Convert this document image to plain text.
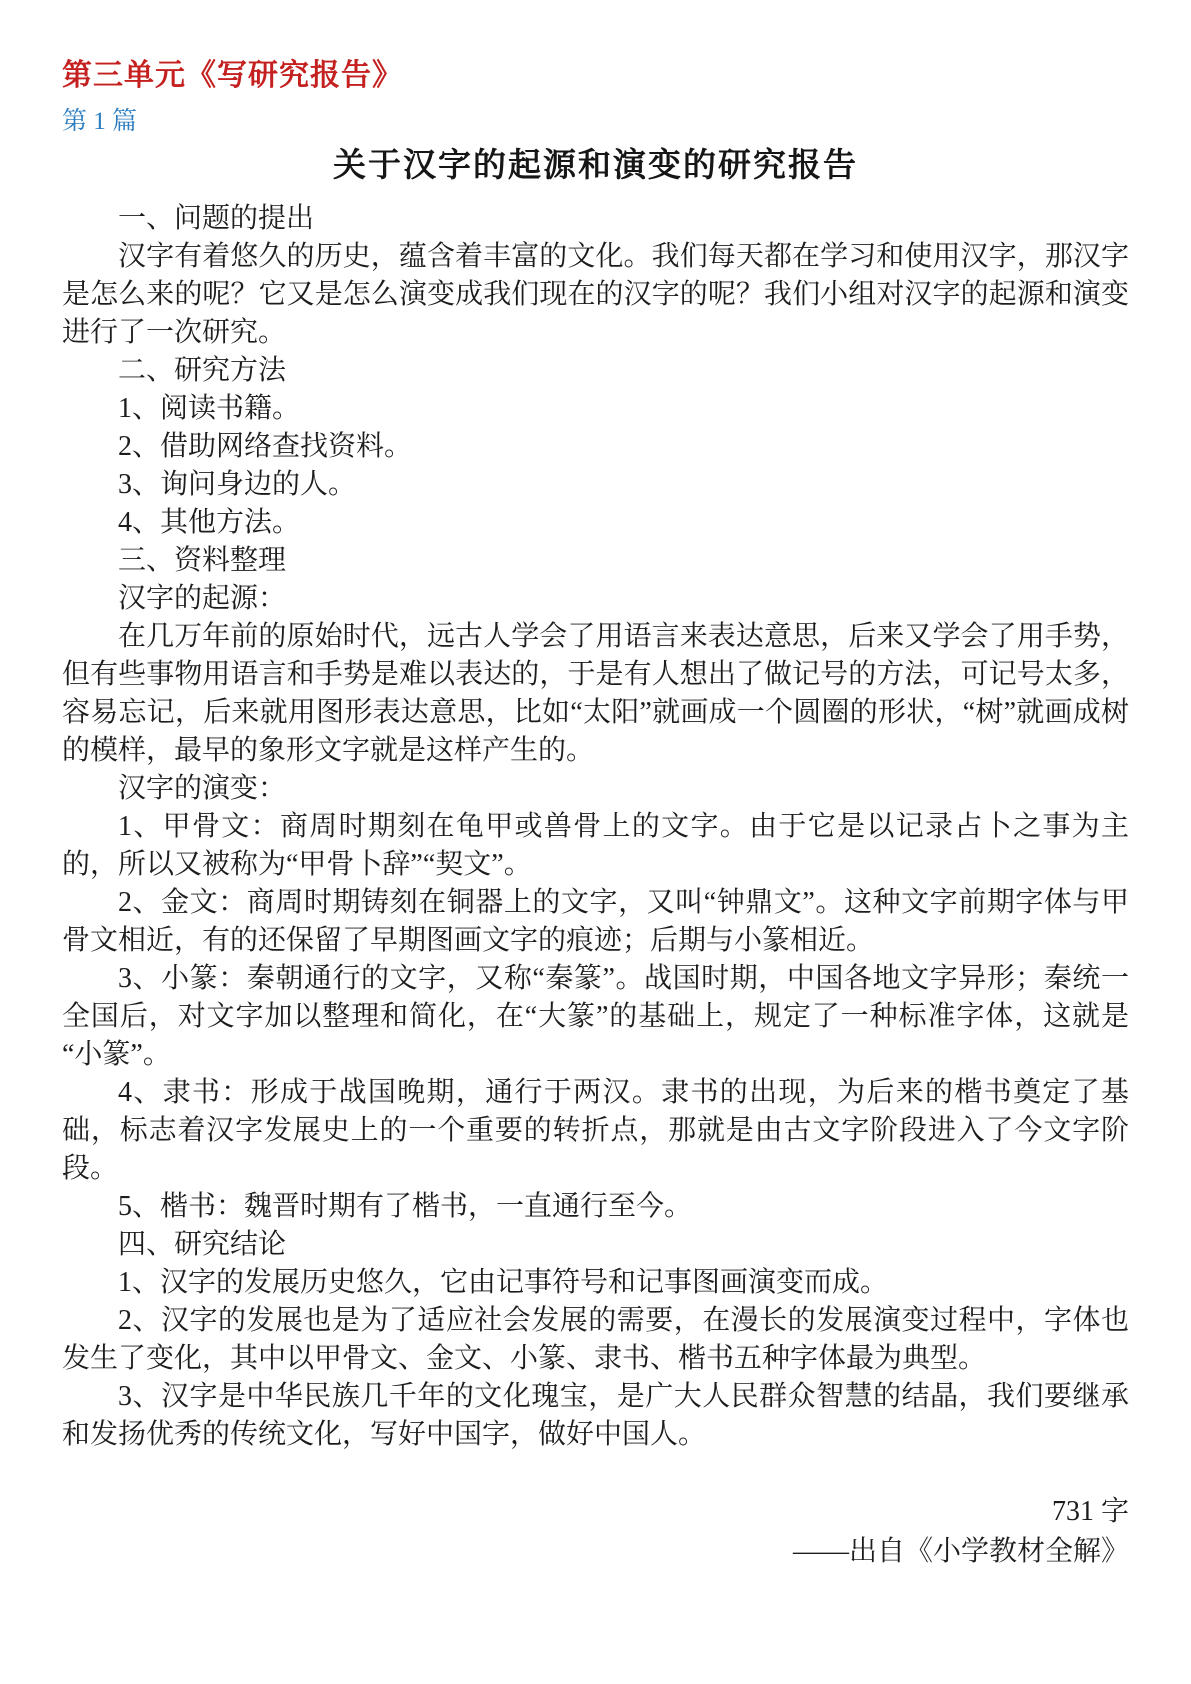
第三单元《写研究报告》
第 1 篇
关于汉字的起源和演变的研究报告

一、问题的提出

汉字有着悠久的历史，蕴含着丰富的文化。我们每天都在学习和使用汉字，那汉字是怎么来的呢？它又是怎么演变成我们现在的汉字的呢？我们小组对汉字的起源和演变进行了一次研究。

二、研究方法

1、阅读书籍。

2、借助网络查找资料。

3、询问身边的人。

4、其他方法。

三、资料整理

汉字的起源：

在几万年前的原始时代，远古人学会了用语言来表达意思，后来又学会了用手势，但有些事物用语言和手势是难以表达的，于是有人想出了做记号的方法，可记号太多，容易忘记，后来就用图形表达意思，比如“太阳”就画成一个圆圈的形状，“树”就画成树的模样，最早的象形文字就是这样产生的。

汉字的演变：

1、甲骨文：商周时期刻在龟甲或兽骨上的文字。由于它是以记录占卜之事为主的，所以又被称为“甲骨卜辞”“契文”。

2、金文：商周时期铸刻在铜器上的文字，又叫“钟鼎文”。这种文字前期字体与甲骨文相近，有的还保留了早期图画文字的痕迹；后期与小篆相近。

3、小篆：秦朝通行的文字，又称“秦篆”。战国时期，中国各地文字异形；秦统一全国后，对文字加以整理和简化，在“大篆”的基础上，规定了一种标准字体，这就是“小篆”。

4、隶书：形成于战国晚期，通行于两汉。隶书的出现，为后来的楷书奠定了基础，标志着汉字发展史上的一个重要的转折点，那就是由古文字阶段进入了今文字阶段。

5、楷书：魏晋时期有了楷书，一直通行至今。

四、研究结论

1、汉字的发展历史悠久，它由记事符号和记事图画演变而成。

2、汉字的发展也是为了适应社会发展的需要，在漫长的发展演变过程中，字体也发生了变化，其中以甲骨文、金文、小篆、隶书、楷书五种字体最为典型。

3、汉字是中华民族几千年的文化瑰宝，是广大人民群众智慧的结晶，我们要继承和发扬优秀的传统文化，写好中国字，做好中国人。

731 字
——出自《小学教材全解》
